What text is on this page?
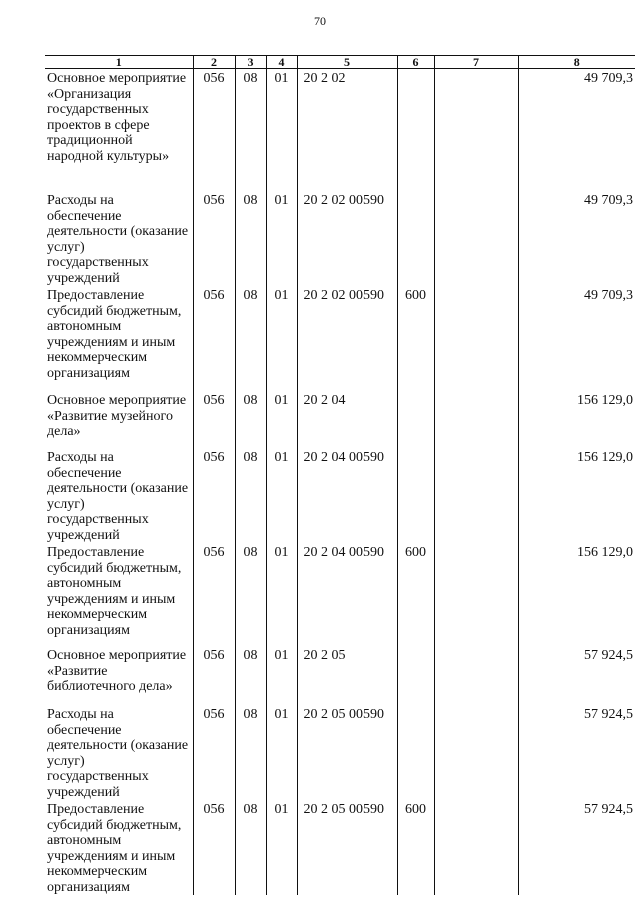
70
1	2	3	4	5	6	7	8
Основное мероприятие «Организация государственных проектов в сфере традиционной народной культуры»	056	08	01	20 2 02			49 709,3
Расходы на обеспечение деятельности (оказание услуг) государственных учреждений	056	08	01	20 2 02 00590			49 709,3
Предоставление субсидий бюджетным, автономным учреждениям и иным некоммерческим организациям	056	08	01	20 2 02 00590	600		49 709,3
Основное мероприятие «Развитие музейного дела»	056	08	01	20 2 04			156 129,0
Расходы на обеспечение деятельности (оказание услуг) государственных учреждений	056	08	01	20 2 04 00590			156 129,0
Предоставление субсидий бюджетным, автономным учреждениям и иным некоммерческим организациям	056	08	01	20 2 04 00590	600		156 129,0
Основное мероприятие «Развитие библиотечного дела»	056	08	01	20 2 05			57 924,5
Расходы на обеспечение деятельности (оказание услуг) государственных учреждений	056	08	01	20 2 05 00590			57 924,5
Предоставление субсидий бюджетным, автономным учреждениям и иным некоммерческим организациям	056	08	01	20 2 05 00590	600		57 924,5
